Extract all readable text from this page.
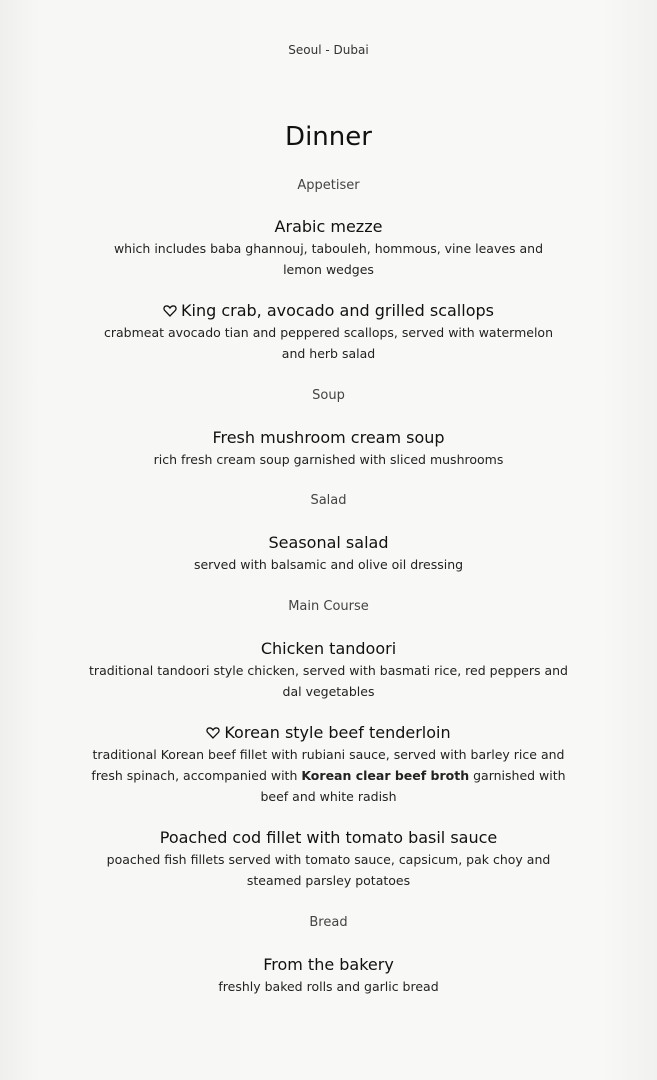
Seoul - Dubai
Dinner
Appetiser
Arabic mezze
which includes baba ghannouj, tabouleh, hommous, vine leaves and
lemon wedges
King crab, avocado and grilled scallops
crabmeat avocado tian and peppered scallops, served with watermelon
and herb salad
Soup
Fresh mushroom cream soup
rich fresh cream soup garnished with sliced mushrooms
Salad
Seasonal salad
served with balsamic and olive oil dressing
Main Course
Chicken tandoori
traditional tandoori style chicken, served with basmati rice, red peppers and
dal vegetables
Korean style beef tenderloin
traditional Korean beef fillet with rubiani sauce, served with barley rice and
fresh spinach, accompanied with Korean clear beef broth garnished with
beef and white radish
Poached cod fillet with tomato basil sauce
poached fish fillets served with tomato sauce, capsicum, pak choy and
steamed parsley potatoes
Bread
From the bakery
freshly baked rolls and garlic bread
